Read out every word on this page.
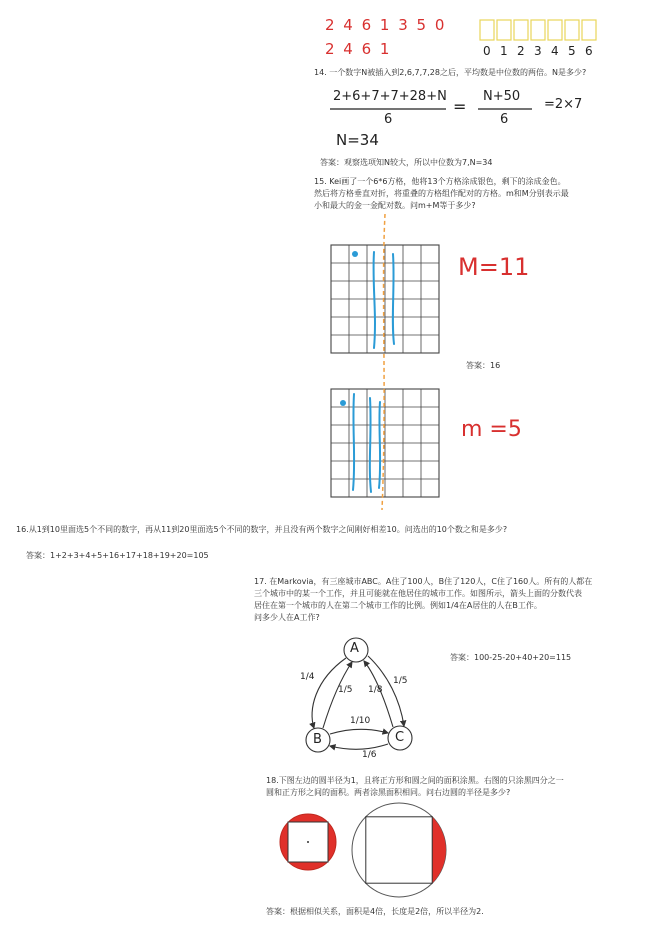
2 4 6 1 3 5 0
2 4 6 1	0 1 2 3 4 5 6
14. 一个数字N被插入到2,6,7,7,28之后，平均数是中位数的两倍。N是多少?
2+6+7+7+28+N
6
=
N+50
6
=2×7
N=34
答案：观察选项知N较大，所以中位数为7,N=34
15. Kei画了一个6*6方格，他将13个方格涂成银色，剩下的涂成金色。
然后将方格垂直对折，将重叠的方格组作配对的方格。m和M分别表示最
小和最大的金一金配对数。问m+M等于多少?
M=11
m =5
答案：16
16.从1到10里面选5个不同的数字，再从11到20里面选5个不同的数字，并且没有两个数字之间刚好相差10。问选出的10个数之和是多少?
答案：1+2+3+4+5+16+17+18+19+20=105
17. 在Markovia，有三座城市ABC。A住了100人，B住了120人，C住了160人。所有的人都在
三个城市中的某一个工作，并且可能就在他居住的城市工作。如图所示，箭头上面的分数代表
居住在第一个城市的人在第二个城市工作的比例。例如1/4在A居住的人在B工作。
问多少人在A工作?
A
B	C
1/4
1/5 1/8
1/5
1/10
1/6
答案：100-25-20+40+20=115
18.下图左边的圆半径为1，且将正方形和圆之间的面积涂黑。右图的只涂黑四分之一
圆和正方形之间的面积。两者涂黑面积相同。问右边圆的半径是多少?
答案：根据相似关系，面积是4倍，长度是2倍，所以半径为2.
